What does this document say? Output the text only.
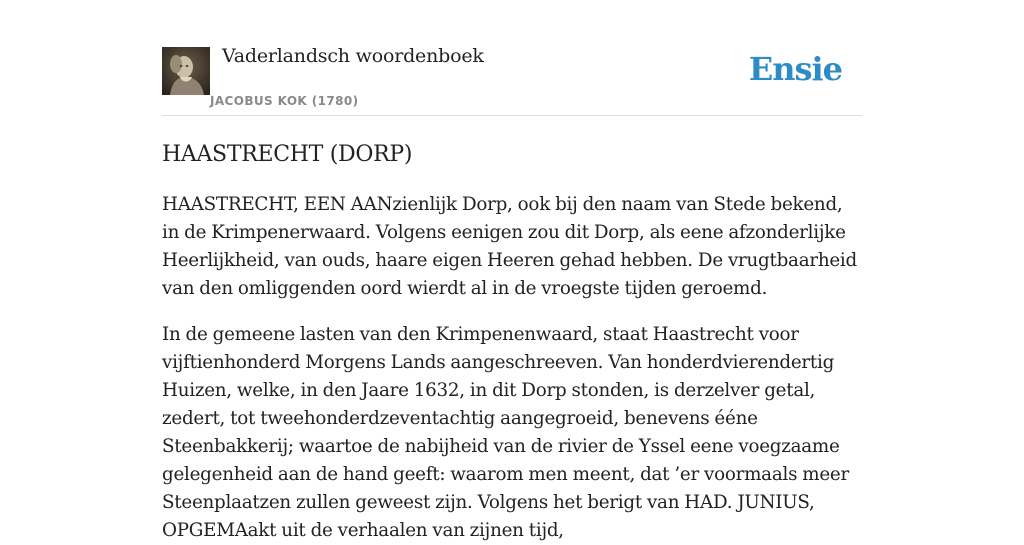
Vaderlandsch woordenboek
JACOBUS KOK (1780)
Ensie
HAASTRECHT (DORP)

HAASTRECHT, EEN AANzienlijk Dorp, ook bij den naam van Stede bekend, in de Krimpenerwaard. Volgens eenigen zou dit Dorp, als eene afzonderlijke Heerlijkheid, van ouds, haare eigen Heeren gehad hebben. De vrugtbaarheid van den omliggenden oord wierdt al in de vroegste tijden geroemd.

In de gemeene lasten van den Krimpenenwaard, staat Haastrecht voor vijftienhonderd Morgens Lands aangeschreeven. Van honderdvierendertig Huizen, welke, in den Jaare 1632, in dit Dorp stonden, is derzelver getal, zedert, tot tweehonderdzeventachtig aangegroeid, benevens ééne Steenbakkerij; waartoe de nabijheid van de rivier de Yssel eene voegzaame gelegenheid aan de hand geeft: waarom men meent, dat ’er voormaals meer Steenplaatzen zullen geweest zijn. Volgens het berigt van HAD. JUNIUS, OPGEMAakt uit de verhaalen van zijnen tijd,
